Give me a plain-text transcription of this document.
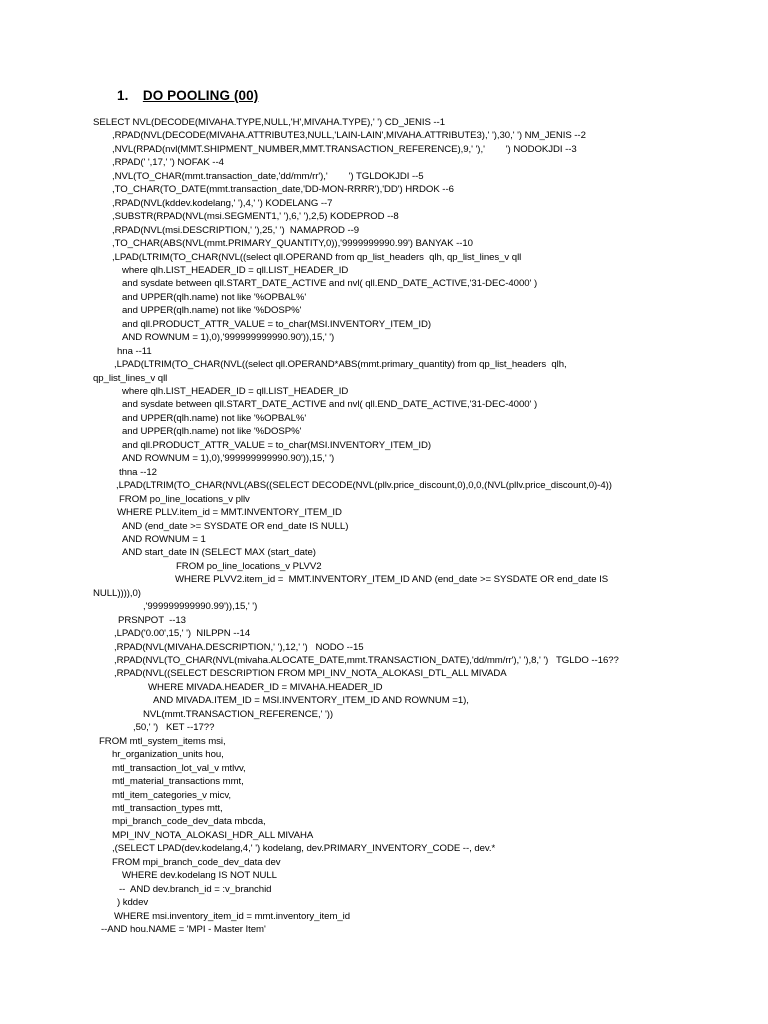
1. DO POOLING (00)
SELECT NVL(DECODE(MIVAHA.TYPE,NULL,'H',MIVAHA.TYPE),' ') CD_JENIS --1
,RPAD(NVL(DECODE(MIVAHA.ATTRIBUTE3,NULL,'LAIN-LAIN',MIVAHA.ATTRIBUTE3),' '),30,' ') NM_JENIS --2
,NVL(RPAD(nvl(MMT.SHIPMENT_NUMBER,MMT.TRANSACTION_REFERENCE),9,' '),'        ') NODOKJDI --3
,RPAD(' ',17,' ') NOFAK --4
,NVL(TO_CHAR(mmt.transaction_date,'dd/mm/rr'),'        ') TGLDOKJDI --5
,TO_CHAR(TO_DATE(mmt.transaction_date,'DD-MON-RRRR'),'DD') HRDOK --6
,RPAD(NVL(kddev.kodelang,' '),4,' ') KODELANG --7
,SUBSTR(RPAD(NVL(msi.SEGMENT1,' '),6,' '),2,5) KODEPROD --8
,RPAD(NVL(msi.DESCRIPTION,' '),25,' ')  NAMAPROD --9
,TO_CHAR(ABS(NVL(mmt.PRIMARY_QUANTITY,0)),'9999999990.99') BANYAK --10
,LPAD(LTRIM(TO_CHAR(NVL((select qll.OPERAND from qp_list_headers  qlh, qp_list_lines_v qll
where qlh.LIST_HEADER_ID = qll.LIST_HEADER_ID
and sysdate between qll.START_DATE_ACTIVE and nvl( qll.END_DATE_ACTIVE,'31-DEC-4000' )
and UPPER(qlh.name) not like '%OPBAL%'
and UPPER(qlh.name) not like '%DOSP%'
and qll.PRODUCT_ATTR_VALUE = to_char(MSI.INVENTORY_ITEM_ID)
AND ROWNUM = 1),0),'999999999990.90')),15,' ')
hna --11
,LPAD(LTRIM(TO_CHAR(NVL((select qll.OPERAND*ABS(mmt.primary_quantity) from qp_list_headers  qlh,
qp_list_lines_v qll
where qlh.LIST_HEADER_ID = qll.LIST_HEADER_ID
and sysdate between qll.START_DATE_ACTIVE and nvl( qll.END_DATE_ACTIVE,'31-DEC-4000' )
and UPPER(qlh.name) not like '%OPBAL%'
and UPPER(qlh.name) not like '%DOSP%'
and qll.PRODUCT_ATTR_VALUE = to_char(MSI.INVENTORY_ITEM_ID)
AND ROWNUM = 1),0),'999999999990.90')),15,' ')
thna --12
,LPAD(LTRIM(TO_CHAR(NVL(ABS((SELECT DECODE(NVL(pllv.price_discount,0),0,0,(NVL(pllv.price_discount,0)-4))
FROM po_line_locations_v pllv
WHERE PLLV.item_id = MMT.INVENTORY_ITEM_ID
AND (end_date >= SYSDATE OR end_date IS NULL)
AND ROWNUM = 1
AND start_date IN (SELECT MAX (start_date)
FROM po_line_locations_v PLVV2
WHERE PLVV2.item_id =  MMT.INVENTORY_ITEM_ID AND (end_date >= SYSDATE OR end_date IS
NULL)))),0)
,'999999999990.99')),15,' ')
PRSNPOT  --13
,LPAD('0.00',15,' ')  NILPPN --14
,RPAD(NVL(MIVAHA.DESCRIPTION,' '),12,' ')   NODO --15
,RPAD(NVL(TO_CHAR(NVL(mivaha.ALOCATE_DATE,mmt.TRANSACTION_DATE),'dd/mm/rr'),' '),8,' ')   TGLDO --16??
,RPAD(NVL((SELECT DESCRIPTION FROM MPI_INV_NOTA_ALOKASI_DTL_ALL MIVADA
WHERE MIVADA.HEADER_ID = MIVAHA.HEADER_ID
AND MIVADA.ITEM_ID = MSI.INVENTORY_ITEM_ID AND ROWNUM =1),
NVL(mmt.TRANSACTION_REFERENCE,' '))
,50,' ')   KET --17??
FROM mtl_system_items msi,
hr_organization_units hou,
mtl_transaction_lot_val_v mtlvv,
mtl_material_transactions mmt,
mtl_item_categories_v micv,
mtl_transaction_types mtt,
mpi_branch_code_dev_data mbcda,
MPI_INV_NOTA_ALOKASI_HDR_ALL MIVAHA
,(SELECT LPAD(dev.kodelang,4,' ') kodelang, dev.PRIMARY_INVENTORY_CODE --, dev.*
FROM mpi_branch_code_dev_data dev
WHERE dev.kodelang IS NOT NULL
--  AND dev.branch_id = :v_branchid
) kddev
WHERE msi.inventory_item_id = mmt.inventory_item_id
--AND hou.NAME = 'MPI - Master Item'
